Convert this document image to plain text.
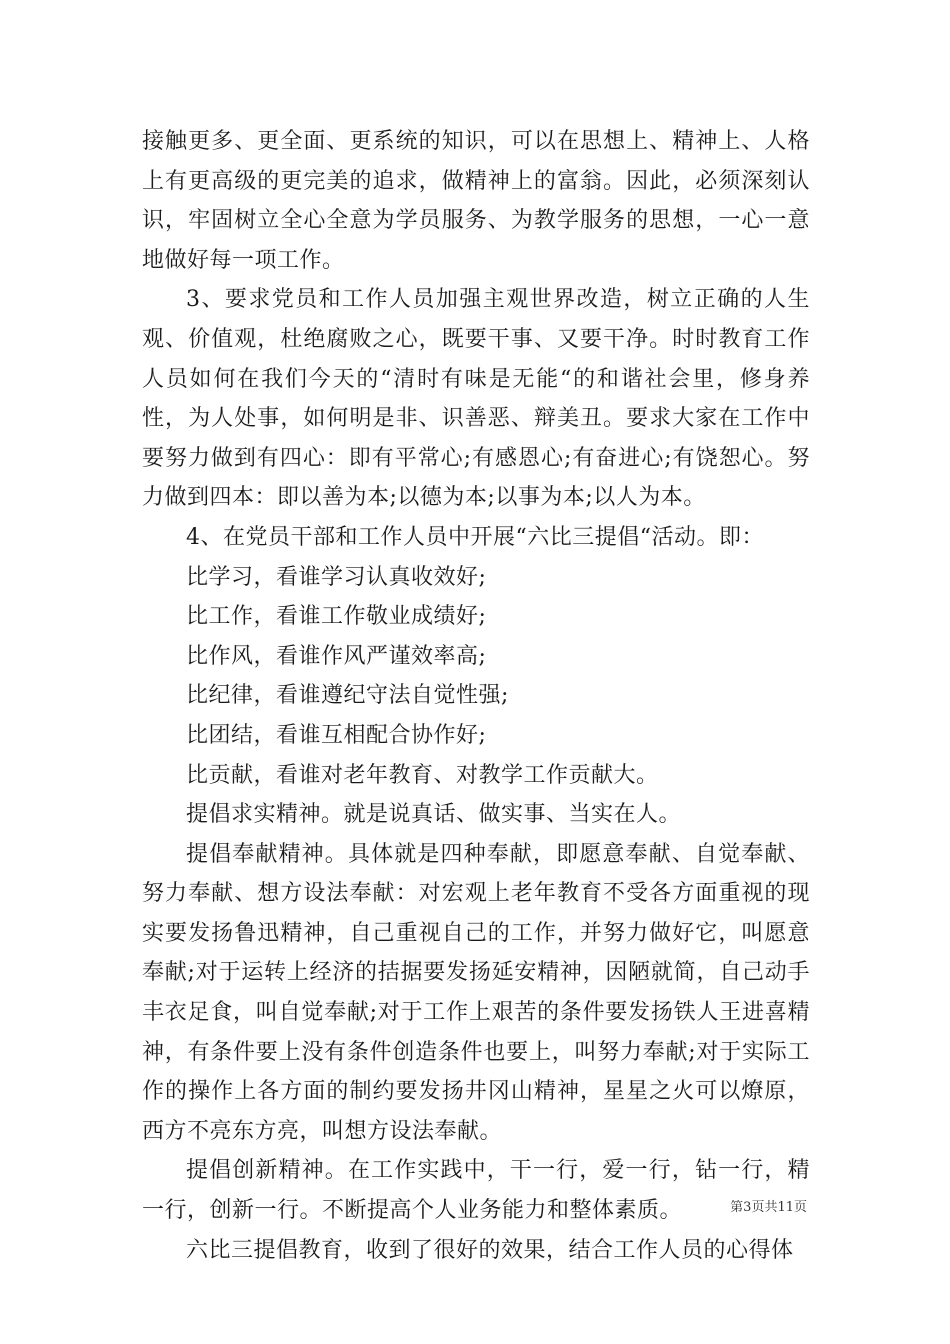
接触更多、更全面、更系统的知识，可以在思想上、精神上、人格上有更高级的更完美的追求，做精神上的富翁。因此，必须深刻认识，牢固树立全心全意为学员服务、为教学服务的思想，一心一意地做好每一项工作。

3、要求党员和工作人员加强主观世界改造，树立正确的人生观、价值观，杜绝腐败之心，既要干事、又要干净。时时教育工作人员如何在我们今天的“清时有味是无能“的和谐社会里，修身养性，为人处事，如何明是非、识善恶、辩美丑。要求大家在工作中要努力做到有四心：即有平常心;有感恩心;有奋进心;有饶恕心。努力做到四本：即以善为本;以德为本;以事为本;以人为本。

4、在党员干部和工作人员中开展“六比三提倡“活动。即：

比学习，看谁学习认真收效好;

比工作，看谁工作敬业成绩好;

比作风，看谁作风严谨效率高;

比纪律，看谁遵纪守法自觉性强;

比团结，看谁互相配合协作好;

比贡献，看谁对老年教育、对教学工作贡献大。

提倡求实精神。就是说真话、做实事、当实在人。

提倡奉献精神。具体就是四种奉献，即愿意奉献、自觉奉献、努力奉献、想方设法奉献：对宏观上老年教育不受各方面重视的现实要发扬鲁迅精神，自己重视自己的工作，并努力做好它，叫愿意奉献;对于运转上经济的拮据要发扬延安精神，因陋就简，自己动手丰衣足食，叫自觉奉献;对于工作上艰苦的条件要发扬铁人王进喜精神，有条件要上没有条件创造条件也要上，叫努力奉献;对于实际工作的操作上各方面的制约要发扬井冈山精神，星星之火可以燎原，西方不亮东方亮，叫想方设法奉献。

提倡创新精神。在工作实践中，干一行，爱一行，钻一行，精一行，创新一行。不断提高个人业务能力和整体素质。

六比三提倡教育，收到了很好的效果，结合工作人员的心得体

第3页共11页
